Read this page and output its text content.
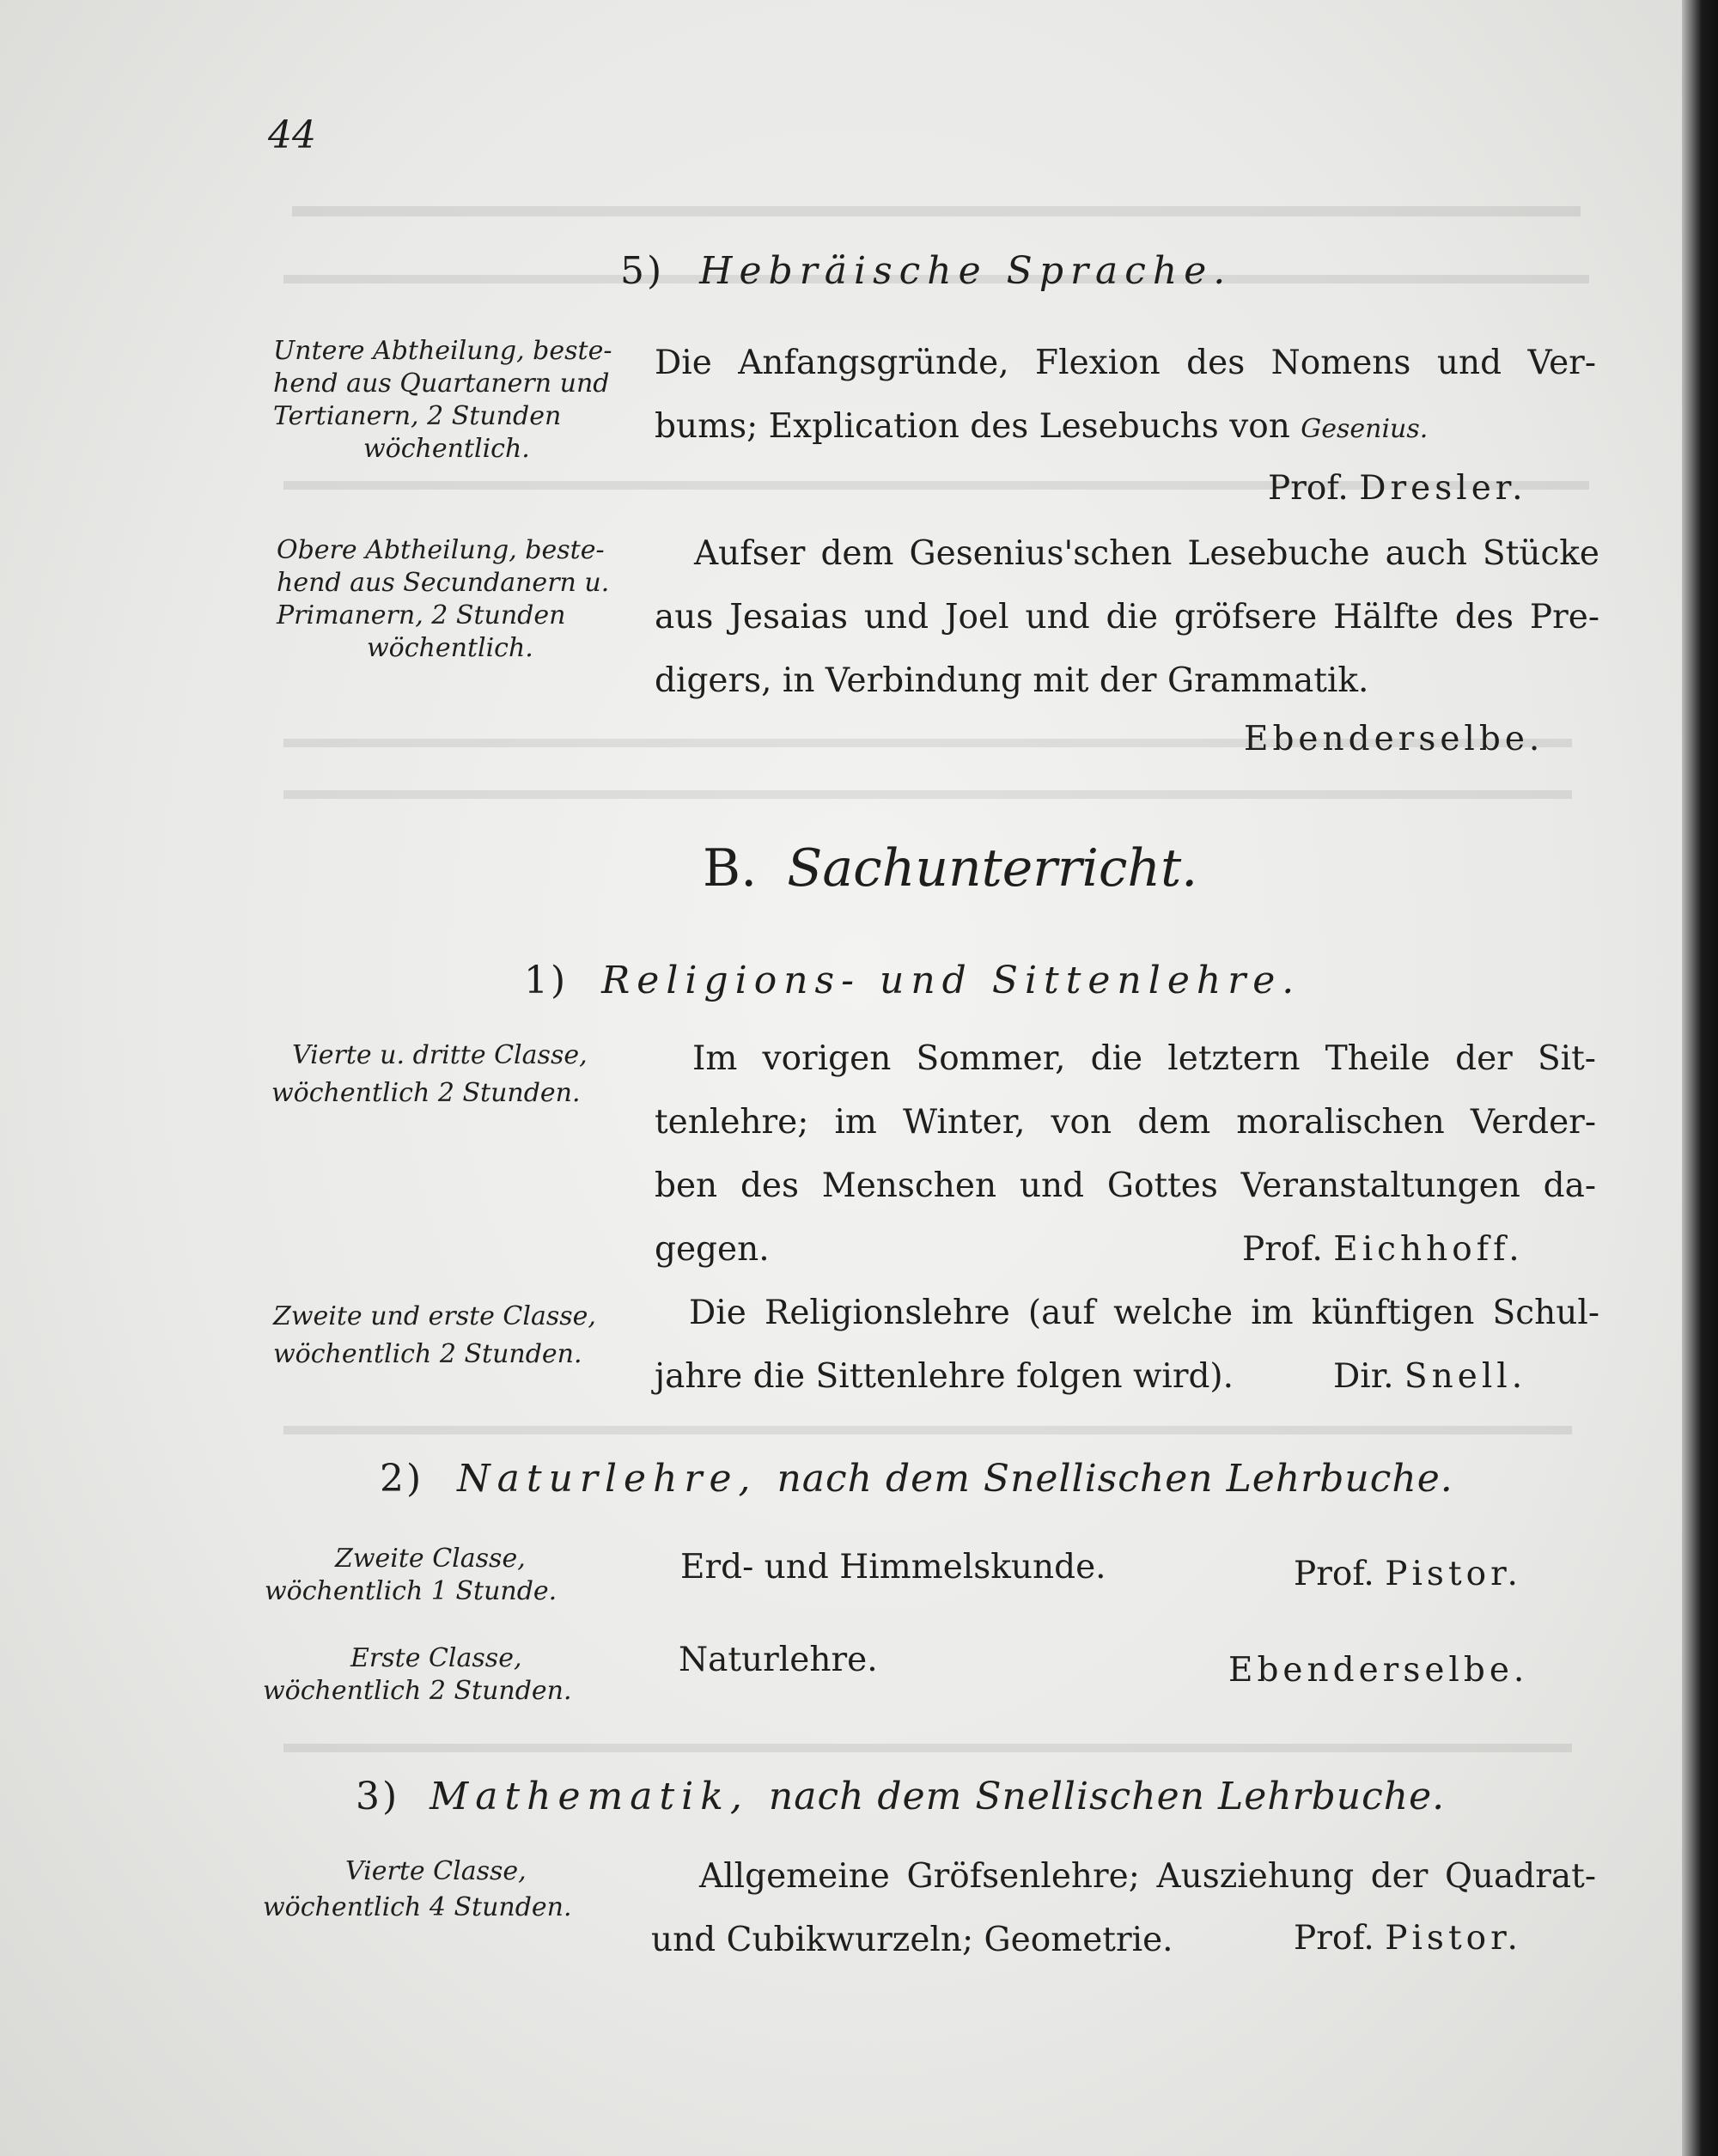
44
5) Hebräische Sprache.
Untere Abtheilung, beste-
hend aus Quartanern und
Tertianern, 2 Stunden
wöchentlich.
Die Anfangsgründe, Flexion des Nomens und Ver-
bums; Explication des Lesebuchs von Gesenius.
Prof. Dresler.
Obere Abtheilung, beste-
hend aus Secundanern u.
Primanern, 2 Stunden
wöchentlich.
Aufser dem Gesenius'schen Lesebuche auch Stücke
aus Jesaias und Joel und die gröfsere Hälfte des Pre-
digers, in Verbindung mit der Grammatik.
Ebenderselbe.
B. Sachunterricht.
1) Religions- und Sittenlehre.
Vierte u. dritte Classe,
wöchentlich 2 Stunden.
Im vorigen Sommer, die letztern Theile der Sit-
tenlehre; im Winter, von dem moralischen Verder-
ben des Menschen und Gottes Veranstaltungen da-
gegen.	Prof. Eichhoff.
Zweite und erste Classe,
wöchentlich 2 Stunden.
Die Religionslehre (auf welche im künftigen Schul-
jahre die Sittenlehre folgen wird).	Dir. Snell.
2) Naturlehre, nach dem Snellischen Lehrbuche.
Zweite Classe,
wöchentlich 1 Stunde.
Erd- und Himmelskunde.	Prof. Pistor.
Erste Classe,
wöchentlich 2 Stunden.
Naturlehre.	Ebenderselbe.
3) Mathematik, nach dem Snellischen Lehrbuche.
Vierte Classe,
wöchentlich 4 Stunden.
Allgemeine Gröfsenlehre; Ausziehung der Quadrat-
und Cubikwurzeln; Geometrie.	Prof. Pistor.
